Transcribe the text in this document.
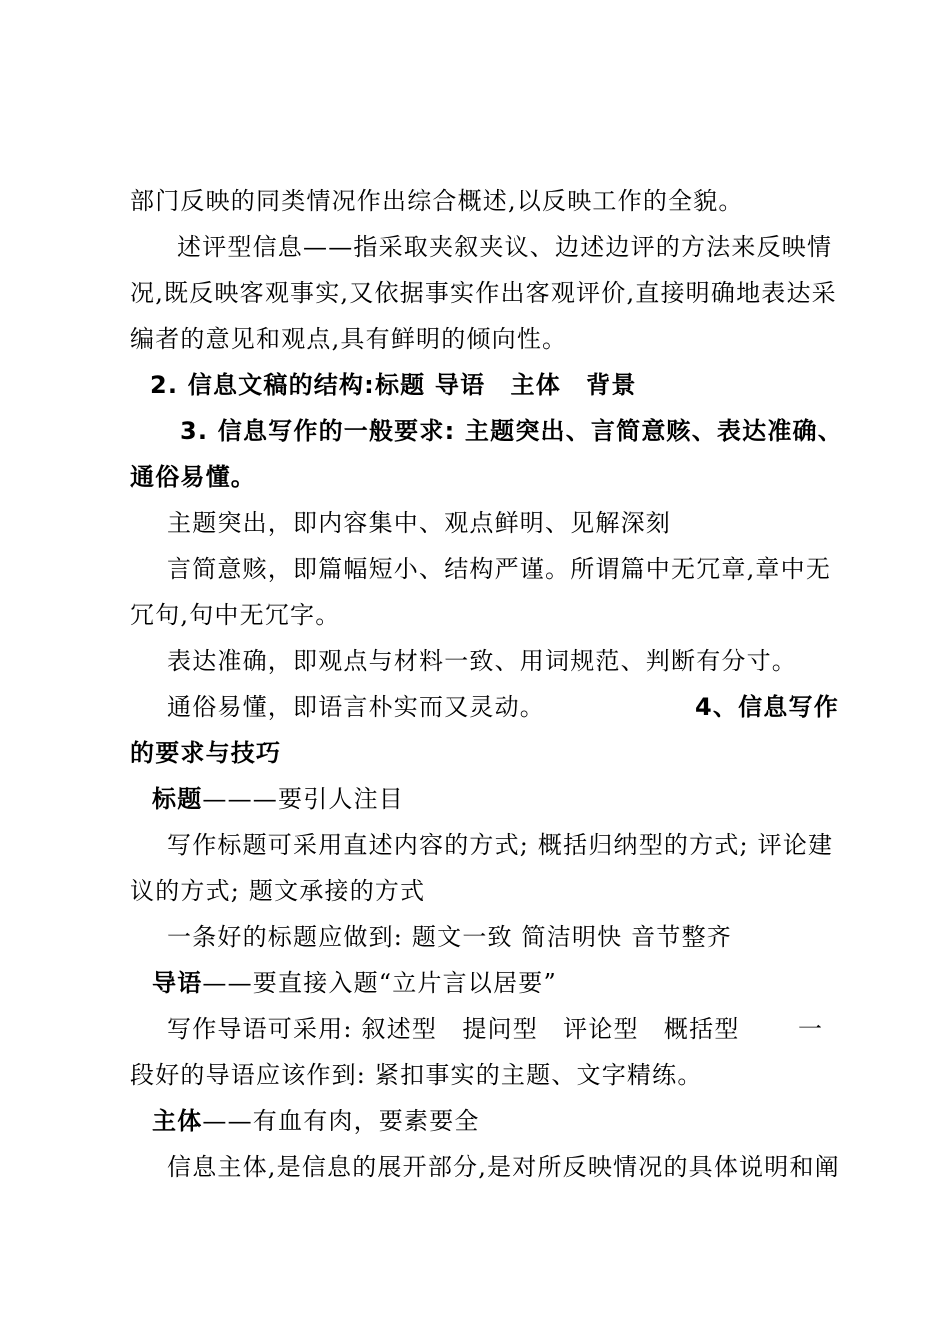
部门反映的同类情况作出综合概述,以反映工作的全貌。
述评型信息——指采取夹叙夹议、边述边评的方法来反映情
况,既反映客观事实,又依据事实作出客观评价,直接明确地表达采
编者的意见和观点,具有鲜明的倾向性。
2. 信息文稿的结构:标题 导语　主体　背景
3. 信息写作的一般要求: 主题突出、言简意赅、表达准确、
通俗易懂。
主题突出，即内容集中、观点鲜明、见解深刻
言简意赅，即篇幅短小、结构严谨。所谓篇中无冗章,章中无
冗句,句中无冗字。
表达准确，即观点与材料一致、用词规范、判断有分寸。
通俗易懂，即语言朴实而又灵动。	4、信息写作
的要求与技巧
标题———要引人注目
写作标题可采用直述内容的方式; 概括归纳型的方式; 评论建
议的方式; 题文承接的方式
一条好的标题应做到: 题文一致 简洁明快 音节整齐
导语——要直接入题“立片言以居要”
写作导语可采用: 叙述型　提问型　评论型　概括型 一
段好的导语应该作到: 紧扣事实的主题、文字精练。
主体——有血有肉，要素要全
信息主体,是信息的展开部分,是对所反映情况的具体说明和阐
